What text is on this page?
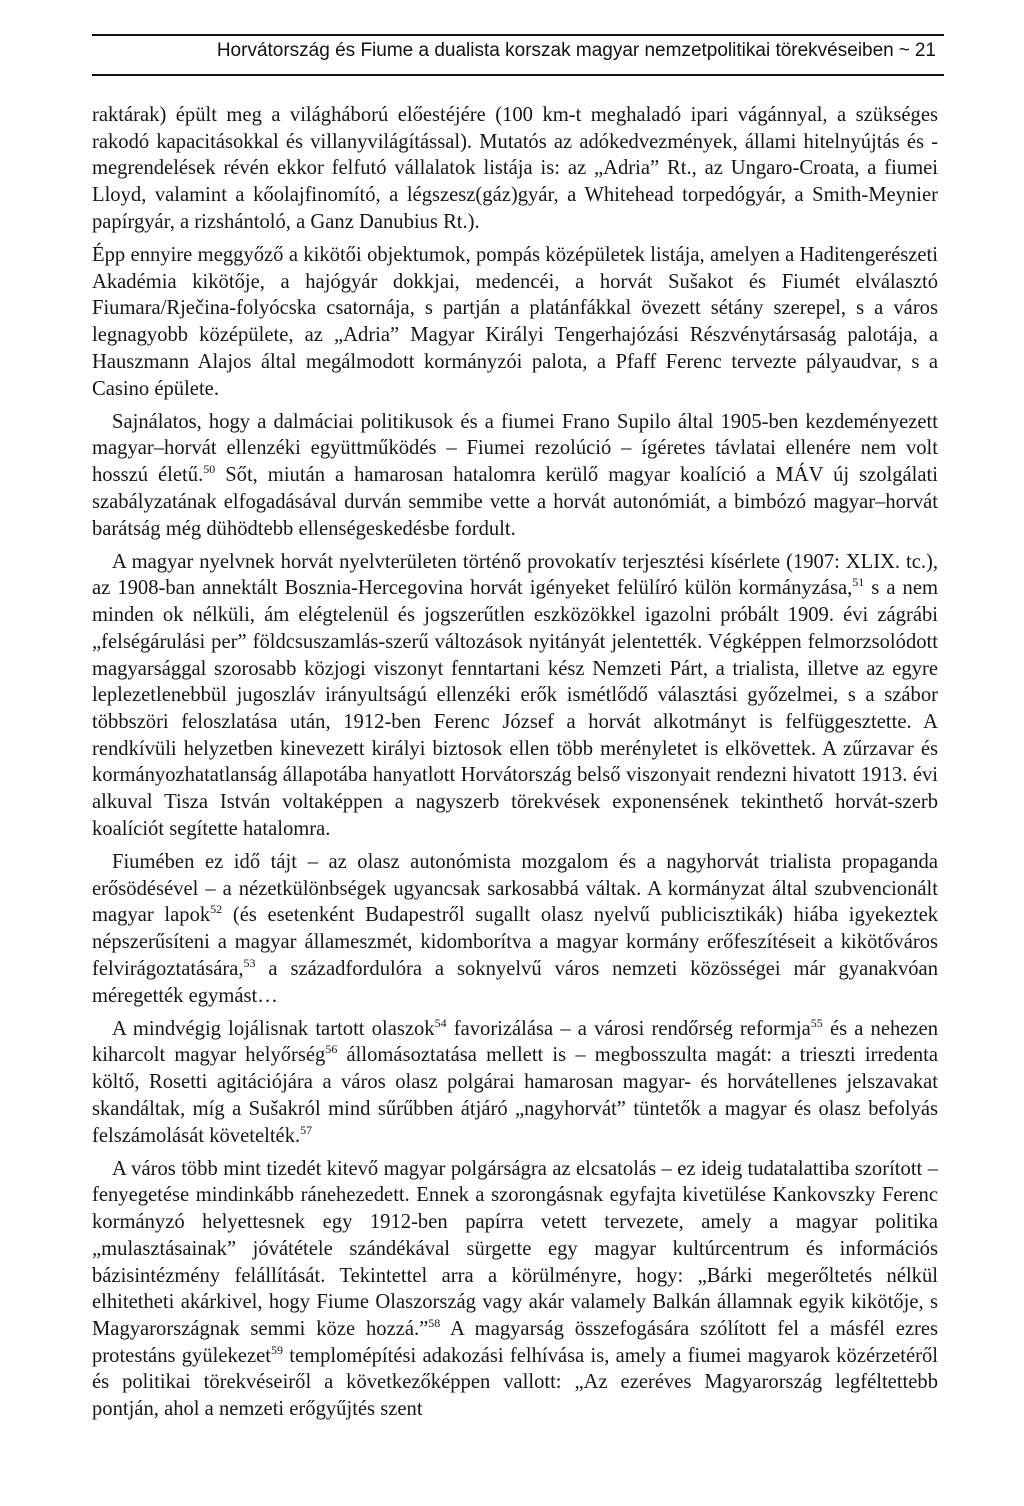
Horvátország és Fiume a dualista korszak magyar nemzetpolitikai törekvéseiben ~ 21

raktárak) épült meg a világháború előestéjére (100 km-t meghaladó ipari vágánnyal, a szükséges rakodó kapacitásokkal és villanyvilágítással). Mutatós az adókedvezmények, állami hitelnyújtás és -megrendelések révén ekkor felfutó vállalatok listája is: az „Adria” Rt., az Ungaro-Croata, a fiumei Lloyd, valamint a kőolajfinomító, a légszesz(gáz)gyár, a Whitehead torpedógyár, a Smith-Meynier papírgyár, a rizshántoló, a Ganz Danubius Rt.).

Épp ennyire meggyőző a kikötői objektumok, pompás középületek listája, amelyen a Haditengerészeti Akadémia kikötője, a hajógyár dokkjai, medencéi, a horvát Sušakot és Fiumét elválasztó Fiumara/Rječina-folyócska csatornája, s partján a platánfákkal övezett sétány szerepel, s a város legnagyobb középülete, az „Adria” Magyar Királyi Tengerhajózási Részvénytársaság palotája, a Hauszmann Alajos által megálmodott kormányzói palota, a Pfaff Ferenc tervezte pályaudvar, s a Casino épülete.

Sajnálatos, hogy a dalmáciai politikusok és a fiumei Frano Supilo által 1905-ben kezdeményezett magyar–horvát ellenzéki együttműködés – Fiumei rezolúció – ígéretes távlatai ellenére nem volt hosszú életű.$^{50}$ Sőt, miután a hamarosan hatalomra kerülő magyar koalíció a MÁV új szolgálati szabályzatának elfogadásával durván semmibe vette a horvát autonómiát, a bimbózó magyar–horvát barátság még dühödtebb ellenségeskedésbe fordult.

A magyar nyelvnek horvát nyelvterületen történő provokatív terjesztési kísérlete (1907: XLIX. tc.), az 1908-ban annektált Bosznia-Hercegovina horvát igényeket felülíró külön kormányzása,$^{51}$ s a nem minden ok nélküli, ám elégtelenül és jogszerűtlen eszközökkel igazolni próbált 1909. évi zágrábi „felségárulási per” földcsuszamlás-szerű változások nyitányát jelentették. Végképpen felmorzsolódott magyarsággal szorosabb közjogi viszonyt fenntartani kész Nemzeti Párt, a trialista, illetve az egyre leplezetlenebbül jugoszláv irányultságú ellenzéki erők ismétlődő választási győzelmei, s a szábor többszöri feloszlatása után, 1912-ben Ferenc József a horvát alkotmányt is felfüggesztette. A rendkívüli helyzetben kinevezett királyi biztosok ellen több merényletet is elkövettek. A zűrzavar és kormányozhatatlanság állapotába hanyatlott Horvátország belső viszonyait rendezni hivatott 1913. évi alkuval Tisza István voltaképpen a nagyszerb törekvések exponensének tekinthető horvát-szerb koalíciót segítette hatalomra.

Fiumében ez idő tájt – az olasz autonómista mozgalom és a nagyhorvát trialista propaganda erősödésével – a nézetkülönbségek ugyancsak sarkosabbá váltak. A kormányzat által szubvencionált magyar lapok$^{52}$ (és esetenként Budapestről sugallt olasz nyelvű publicisztikák) hiába igyekeztek népszerűsíteni a magyar állameszmét, kidomborítva a magyar kormány erőfeszítéseit a kikötőváros felvirágoztatására,$^{53}$ a századfordulóra a soknyelvű város nemzeti közösségei már gyanakvóan méregették egymást…

A mindvégig lojálisnak tartott olaszok$^{54}$ favorizálása – a városi rendőrség reformja$^{55}$ és a nehezen kiharcolt magyar helyőrség$^{56}$ állomásoztatása mellett is – megbosszulta magát: a trieszti irredenta költő, Rosetti agitációjára a város olasz polgárai hamarosan magyar- és horvátellenes jelszavakat skandáltak, míg a Sušakról mind sűrűbben átjáró „nagyhorvát” tüntetők a magyar és olasz befolyás felszámolását követelték.$^{57}$

A város több mint tizedét kitevő magyar polgárságra az elcsatolás – ez ideig tudatalattiba szorított – fenyegetése mindinkább ránehezedett. Ennek a szorongásnak egyfajta kivetülése Kankovszky Ferenc kormányzó helyettesnek egy 1912-ben papírra vetett tervezete, amely a magyar politika „mulasztásainak” jóvátétele szándékával sürgette egy magyar kultúrcentrum és információs bázisintézmény felállítását. Tekintettel arra a körülményre, hogy: „Bárki megerőltetés nélkül elhitetheti akárkivel, hogy Fiume Olaszország vagy akár valamely Balkán államnak egyik kikötője, s Magyarországnak semmi köze hozzá.”$^{58}$ A magyarság összefogására szólított fel a másfél ezres protestáns gyülekezet$^{59}$ templomépítési adakozási felhívása is, amely a fiumei magyarok közérzetéről és politikai törekvéseiről a következőképpen vallott: „Az ezeréves Magyarország legféltettebb pontján, ahol a nemzeti erőgyűjtés szent
